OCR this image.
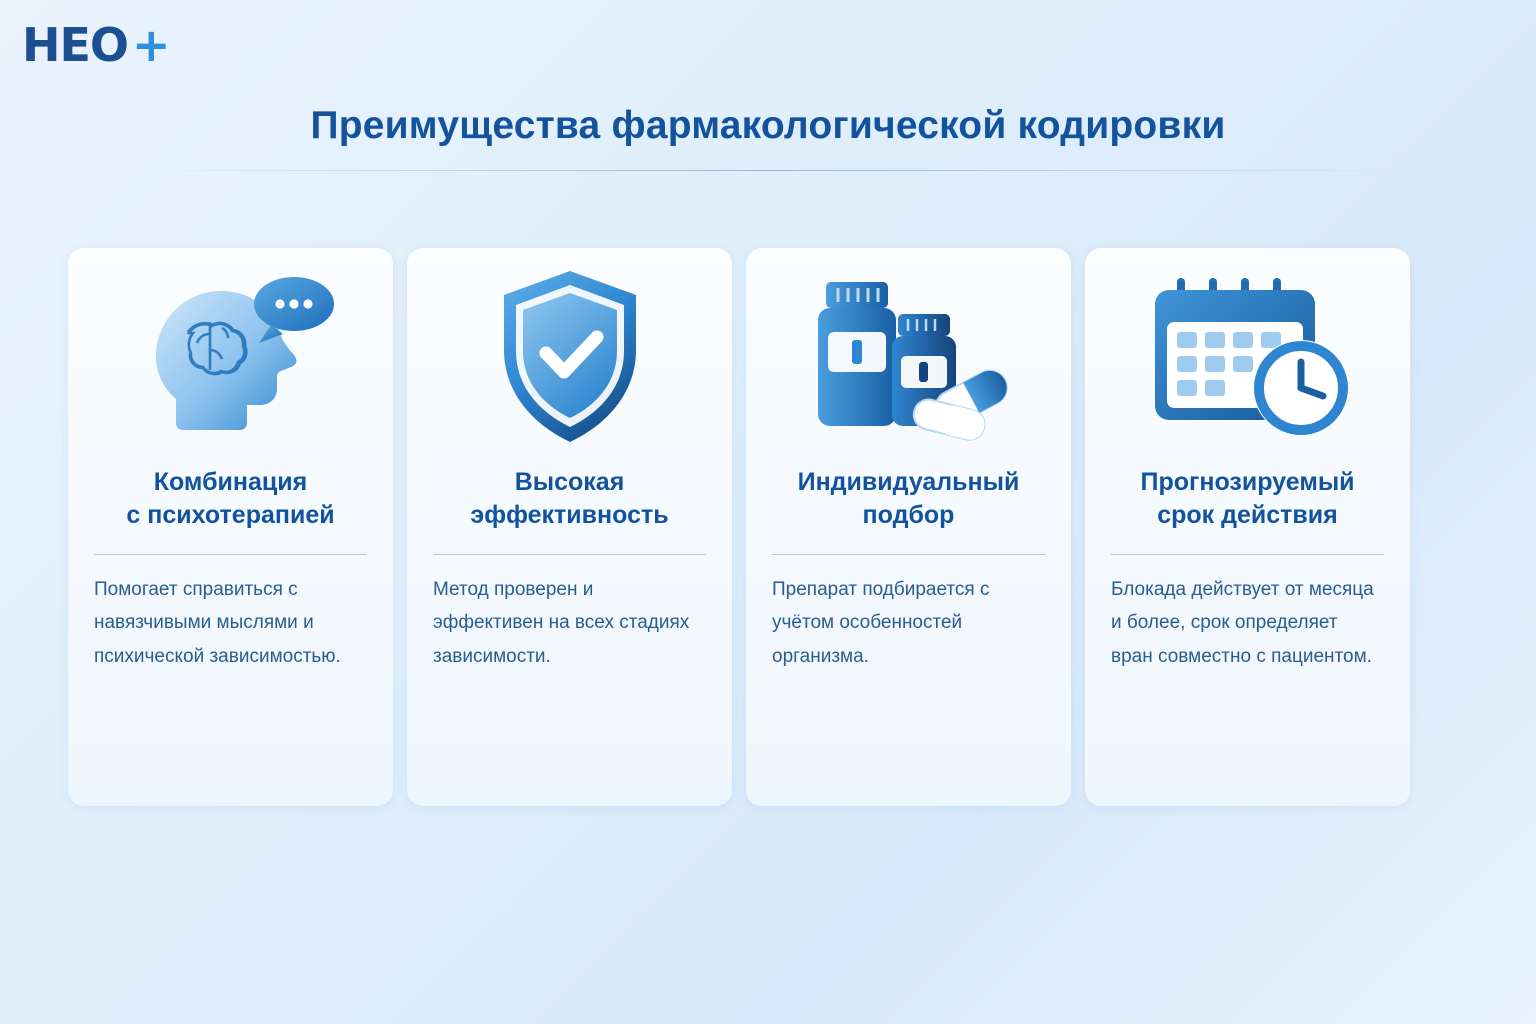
HEO +
Преимущества фармакологической кодировки
Комбинация
с психотерапией
Помогает справиться с навязчивыми мыслями и психической зависимостью.
Высокая
эффективность
Метод проверен и эффективен на всех стадиях зависимости.
Индивидуальный
подбор
Препарат подбирается с учётом особенностей организма.
Прогнозируемый
срок действия
Блокада действует от месяца и более, срок определяет вран совместно с пациентом.
